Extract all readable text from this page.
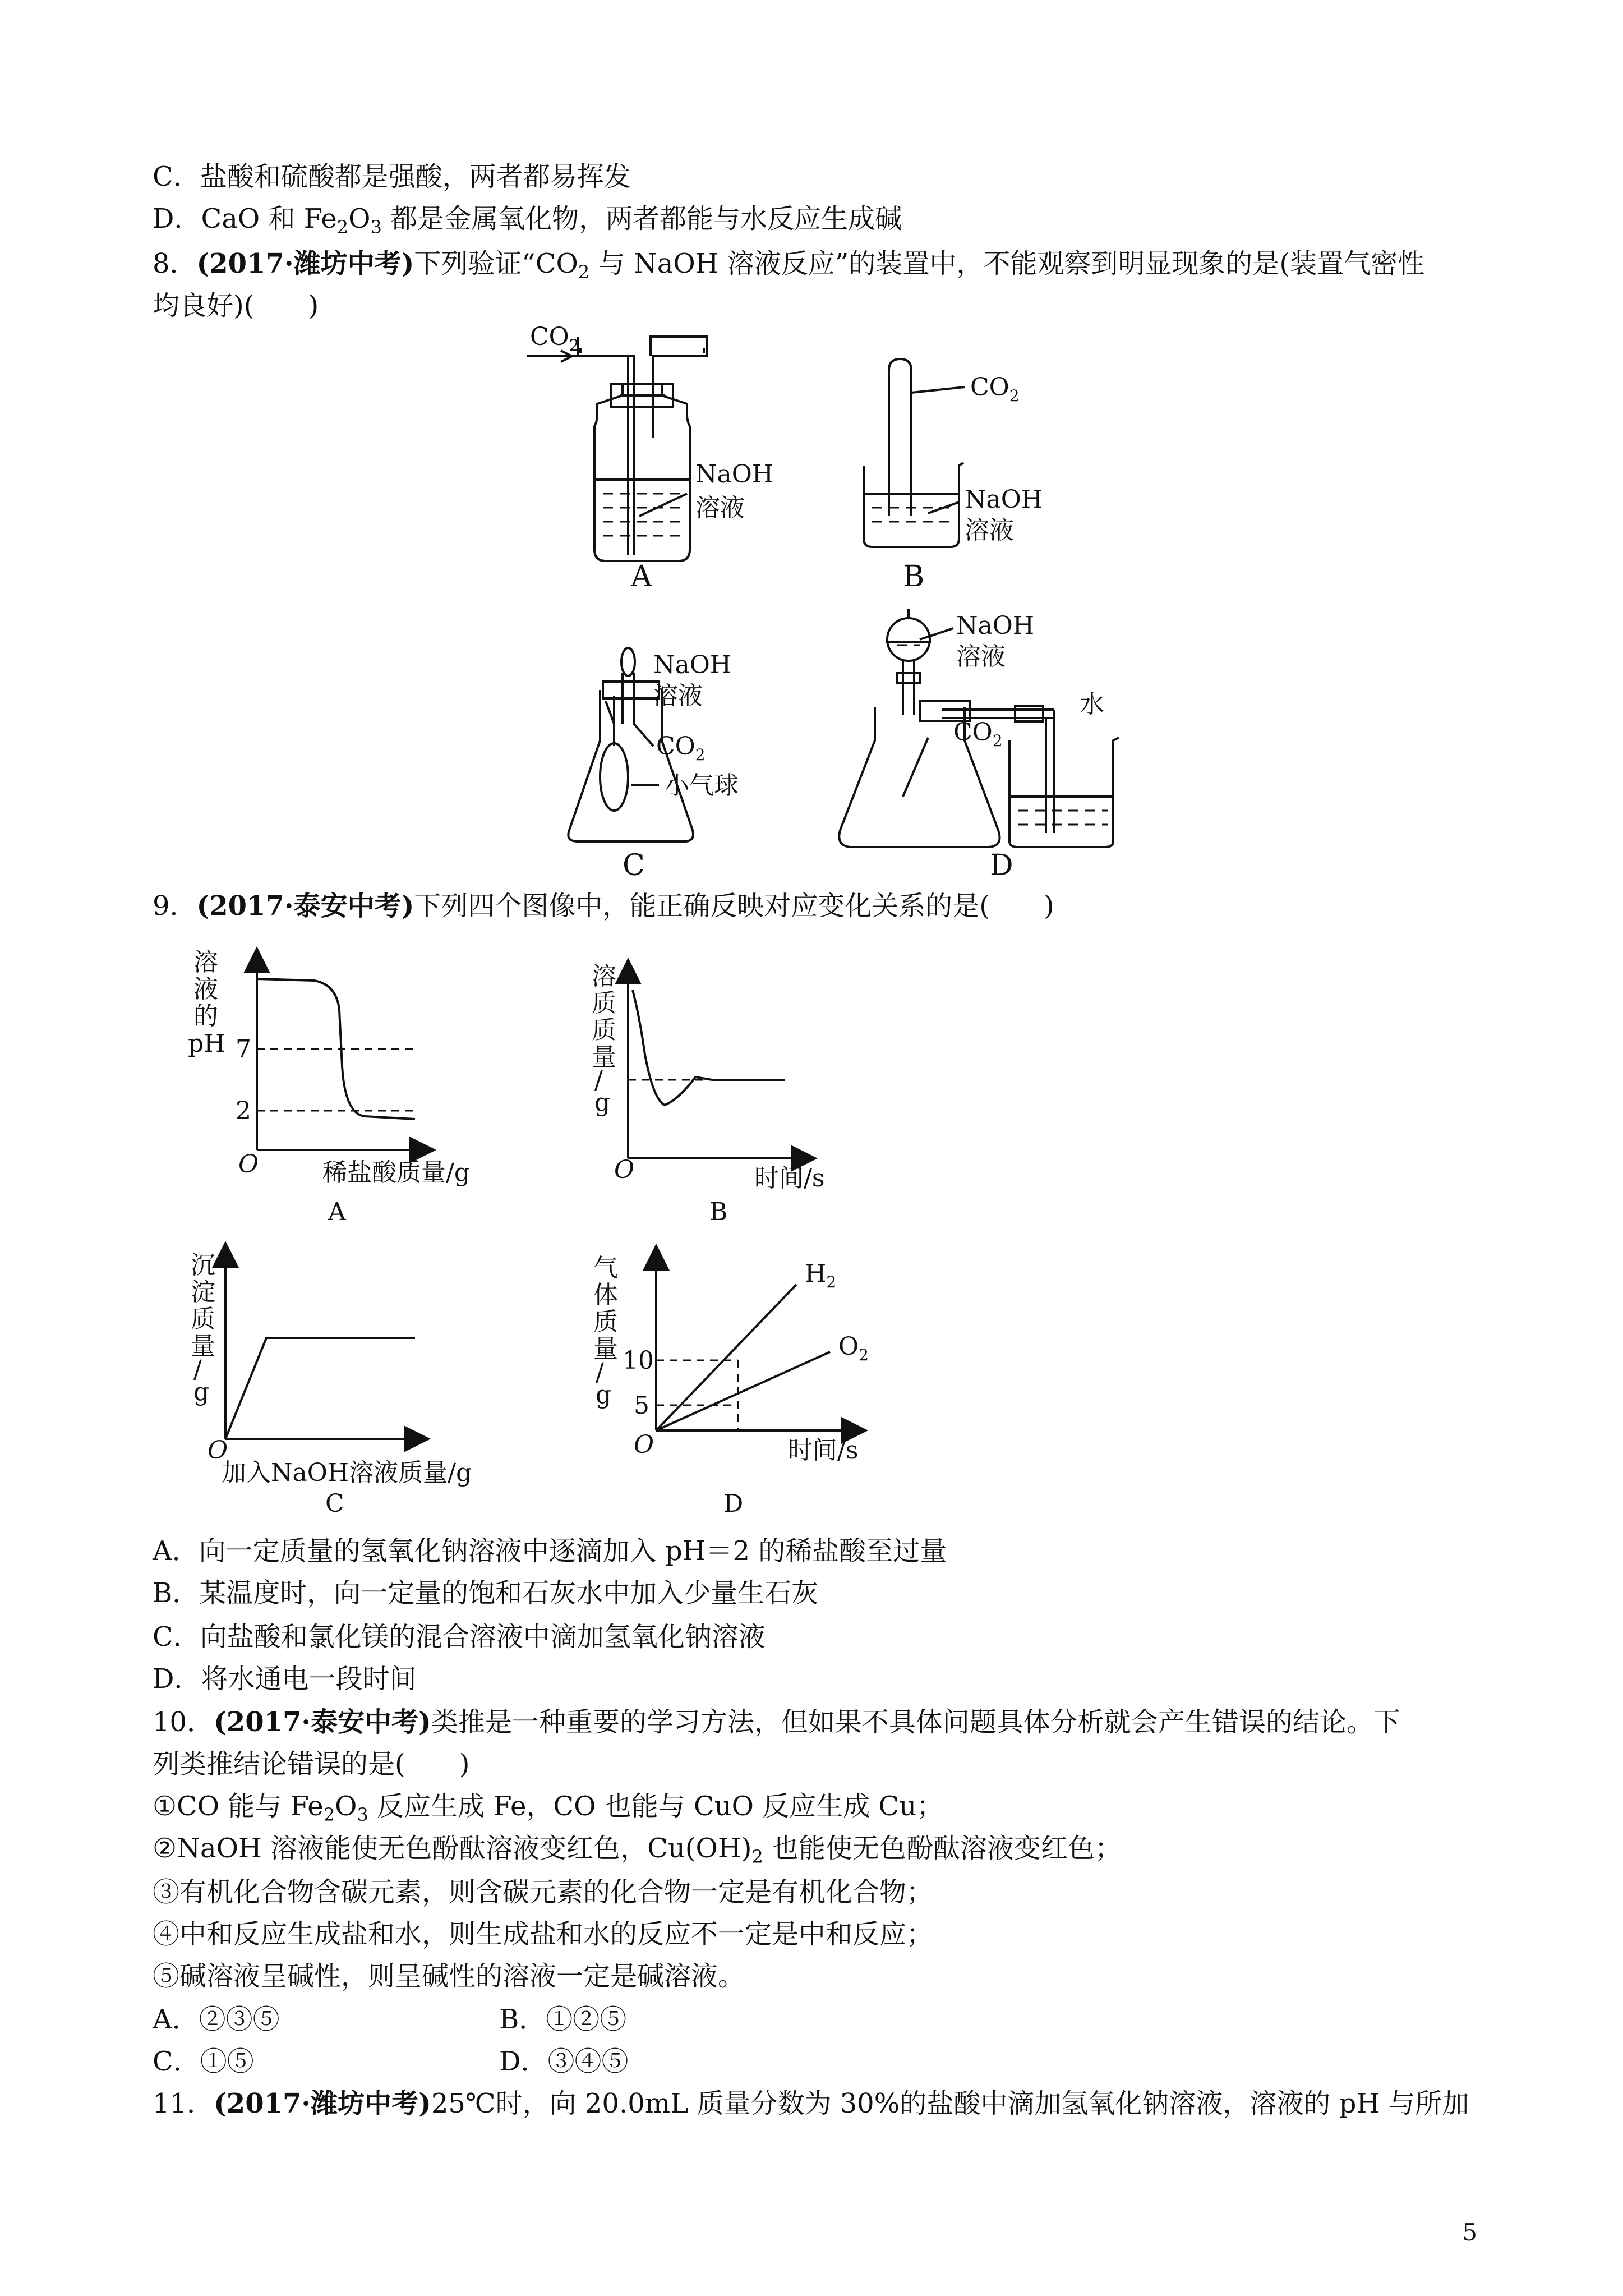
C．盐酸和硫酸都是强酸，两者都易挥发
D．CaO 和 $Fe_2O_3$ 都是金属氧化物，两者都能与水反应生成碱
8．(2017·潍坊中考)下列验证“$CO_2$ 与 NaOH 溶液反应”的装置中，不能观察到明显现象的是(装置气密性
均良好)(　　)
$CO_2$
NaOH
溶液
A
$CO_2$
NaOH
溶液
B
NaOH
溶液
$CO_2$
小气球
C
NaOH
溶液
$CO_2$
水
D
9．(2017·泰安中考)下列四个图像中，能正确反映对应变化关系的是(　　)
溶
液
的
pH 7
2
O	稀盐酸质量/g
A
溶
质
质
量
/
g
O	时间/s
B
沉
淀
质
量
/
g
O
加入NaOH溶液质量/g
C
气
体
质
量
/
g
10
5
O	时间/s
$H_2$
$O_2$
D
A．向一定质量的氢氧化钠溶液中逐滴加入 pH＝2 的稀盐酸至过量
B．某温度时，向一定量的饱和石灰水中加入少量生石灰
C．向盐酸和氯化镁的混合溶液中滴加氢氧化钠溶液
D．将水通电一段时间
10．(2017·泰安中考)类推是一种重要的学习方法，但如果不具体问题具体分析就会产生错误的结论。下
列类推结论错误的是(　　)
①CO 能与 $Fe_2O_3$ 反应生成 Fe，CO 也能与 CuO 反应生成 Cu；
②NaOH 溶液能使无色酚酞溶液变红色，$Cu(OH)_2$ 也能使无色酚酞溶液变红色；
③有机化合物含碳元素，则含碳元素的化合物一定是有机化合物；
④中和反应生成盐和水，则生成盐和水的反应不一定是中和反应；
⑤碱溶液呈碱性，则呈碱性的溶液一定是碱溶液。
A．②③⑤	B．①②⑤
C．①⑤	D．③④⑤
11．(2017·潍坊中考)25℃时，向 20.0mL 质量分数为 30%的盐酸中滴加氢氧化钠溶液，溶液的 pH 与所加
5
